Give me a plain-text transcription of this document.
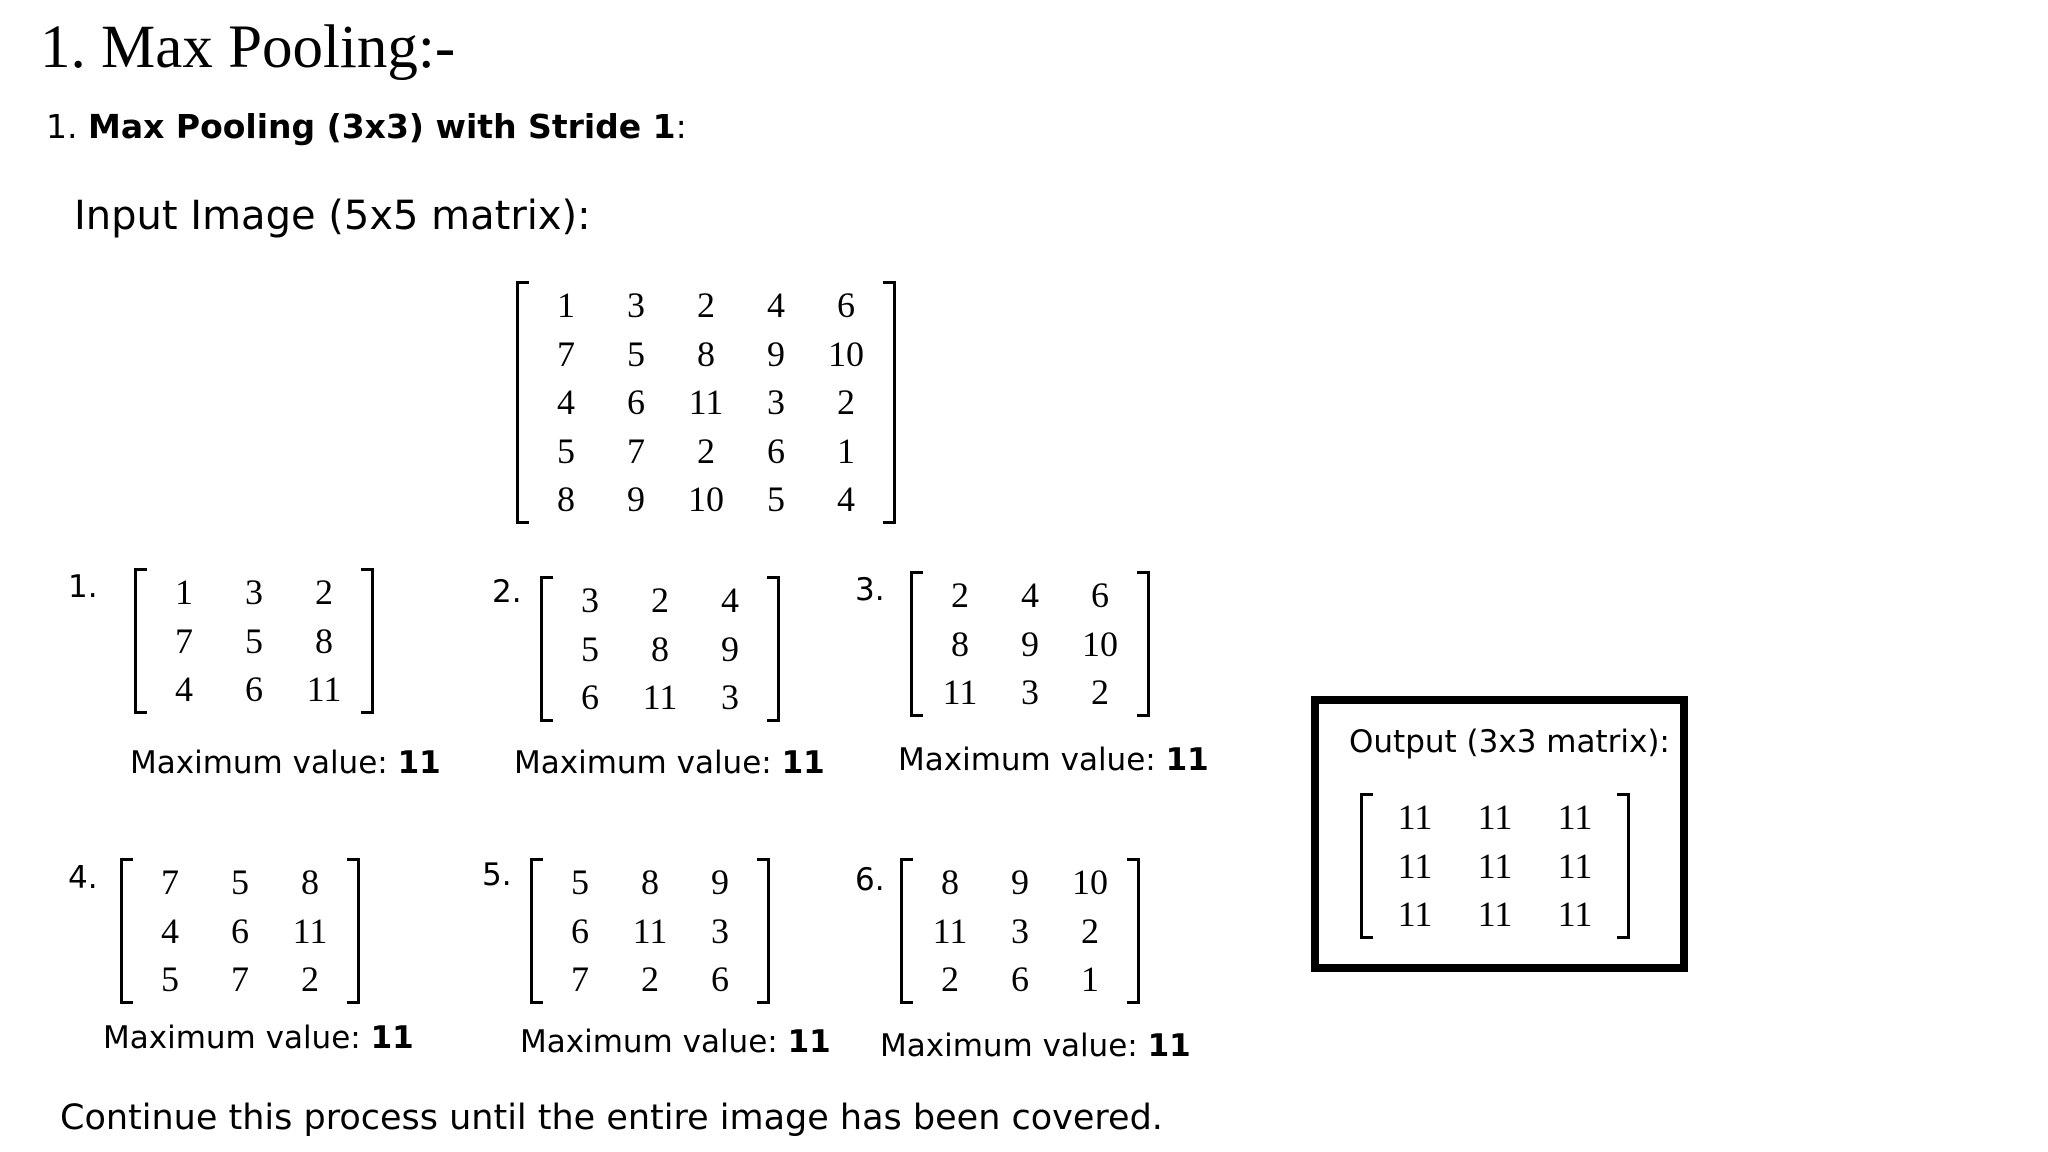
1. Max Pooling:-
1. Max Pooling (3x3) with Stride 1:
Input Image (5x5 matrix):
1	3	2	4	6
7	5	8	9	10
4	6	11	3	2
5	7	2	6	1
8	9	10	5	4
1. 1	3	2
7	5	8
4	6	11
Maximum value: 11
2. 3	2	4
5	8	9
6	11	3
Maximum value: 11
3. 2	4	6
8	9	10
11	3	2
Maximum value: 11
4. 7	5	8
4	6	11
5	7	2
Maximum value: 11
5. 5	8	9
6	11	3
7	2	6
Maximum value: 11
6. 8	9	10
11	3	2
2	6	1
Maximum value: 11
Output (3x3 matrix):
11	11	11
11	11	11
11	11	11
Continue this process until the entire image has been covered.
